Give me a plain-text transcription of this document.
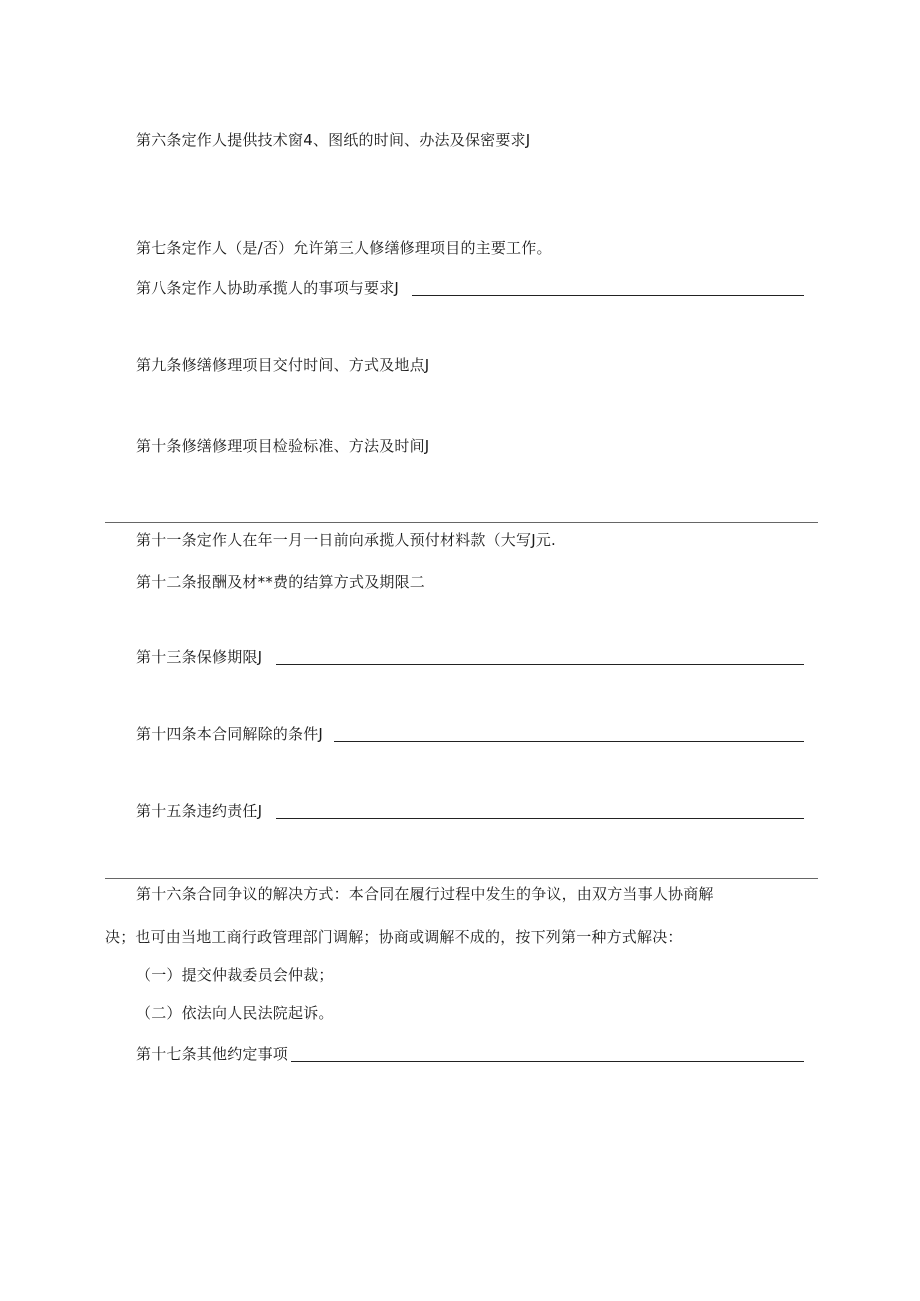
第六条定作人提供技术窗4、图纸的时间、办法及保密要求J
第七条定作人（是/否）允许第三人修缮修理项目的主要工作。
第八条定作人协助承揽人的事项与要求J
第九条修缮修理项目交付时间、方式及地点J
第十条修缮修理项目检验标准、方法及时间J
第十一条定作人在年一月一日前向承揽人预付材料款（大写J元.
第十二条报酬及材**费的结算方式及期限二
第十三条保修期限J
第十四条本合同解除的条件J
第十五条违约责任J
第十六条合同争议的解决方式：本合同在履行过程中发生的争议，由双方当事人协商解
决；也可由当地工商行政管理部门调解；协商或调解不成的，按下列第一种方式解决：
（一）提交仲裁委员会仲裁；
（二）依法向人民法院起诉。
第十七条其他约定事项
